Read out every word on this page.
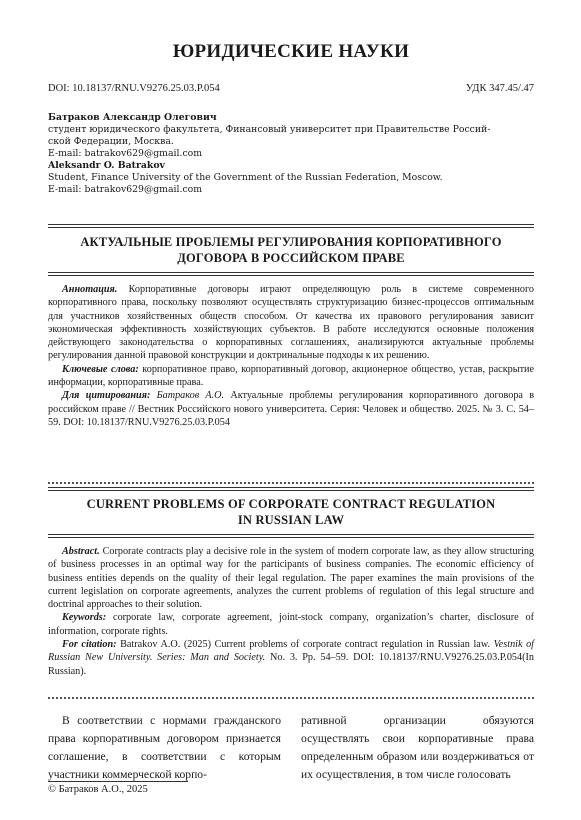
ЮРИДИЧЕСКИЕ НАУКИ
DOI: 10.18137/RNU.V9276.25.03.P.054	УДК 347.45/.47

Батраков Александр Олегович

студент юридического факультета, Финансовый университет при Правительстве Россий-

ской Федерации, Москва.

E-mail: batrakov629@gmail.com

Aleksandr O. Batrakov

Student, Finance University of the Government of the Russian Federation, Moscow.

E-mail: batrakov629@gmail.com

АКТУАЛЬНЫЕ ПРОБЛЕМЫ РЕГУЛИРОВАНИЯ КОРПОРАТИВНОГО
ДОГОВОРА В РОССИЙСКОМ ПРАВЕ

Аннотация. Корпоративные договоры играют определяющую роль в системе современного корпоративного права, поскольку позволяют осуществлять структуризацию бизнес-процессов оптимальным для участников хозяйственных обществ способом. От качества их правового регулирования зависит экономическая эффективность хозяйствующих субъектов. В работе исследуются основные положения действующего законодательства о корпоративных соглашениях, анализируются актуальные проблемы регулирования данной правовой конструкции и доктринальные подходы к их решению.

Ключевые слова: корпоративное право, корпоративный договор, акционерное общество, устав, раскрытие информации, корпоративные права.

Для цитирования: Батраков А.О. Актуальные проблемы регулирования корпоративного договора в российском праве // Вестник Российского нового университета. Серия: Человек и общество. 2025. № 3. С. 54–59. DOI: 10.18137/RNU.V9276.25.03.P.054

CURRENT PROBLEMS OF CORPORATE CONTRACT REGULATION
IN RUSSIAN LAW

Abstract. Corporate contracts play a decisive role in the system of modern corporate law, as they allow structuring of business processes in an optimal way for the participants of business companies. The economic efficiency of business entities depends on the quality of their legal regulation. The paper examines the main provisions of the current legislation on corporate agreements, analyzes the current problems of regulation of this legal structure and doctrinal approaches to their solution.

Keywords: corporate law, corporate agreement, joint-stock company, organization’s charter, disclosure of information, corporate rights.

For citation: Batrakov A.O. (2025) Current problems of corporate contract regulation in Russian law. Vestnik of Russian New University. Series: Man and Society. No. 3. Pp. 54–59. DOI: 10.18137/RNU.V9276.25.03.P.054(In Russian).

В соответствии с нормами гражданского права корпоративным договором признается соглашение, в соответствии с которым участники коммерческой корпо-
ративной организации обязуются осуществлять свои корпоративные права определенным образом или воздерживаться от их осуществления, в том числе голосовать
© Батраков А.О., 2025
